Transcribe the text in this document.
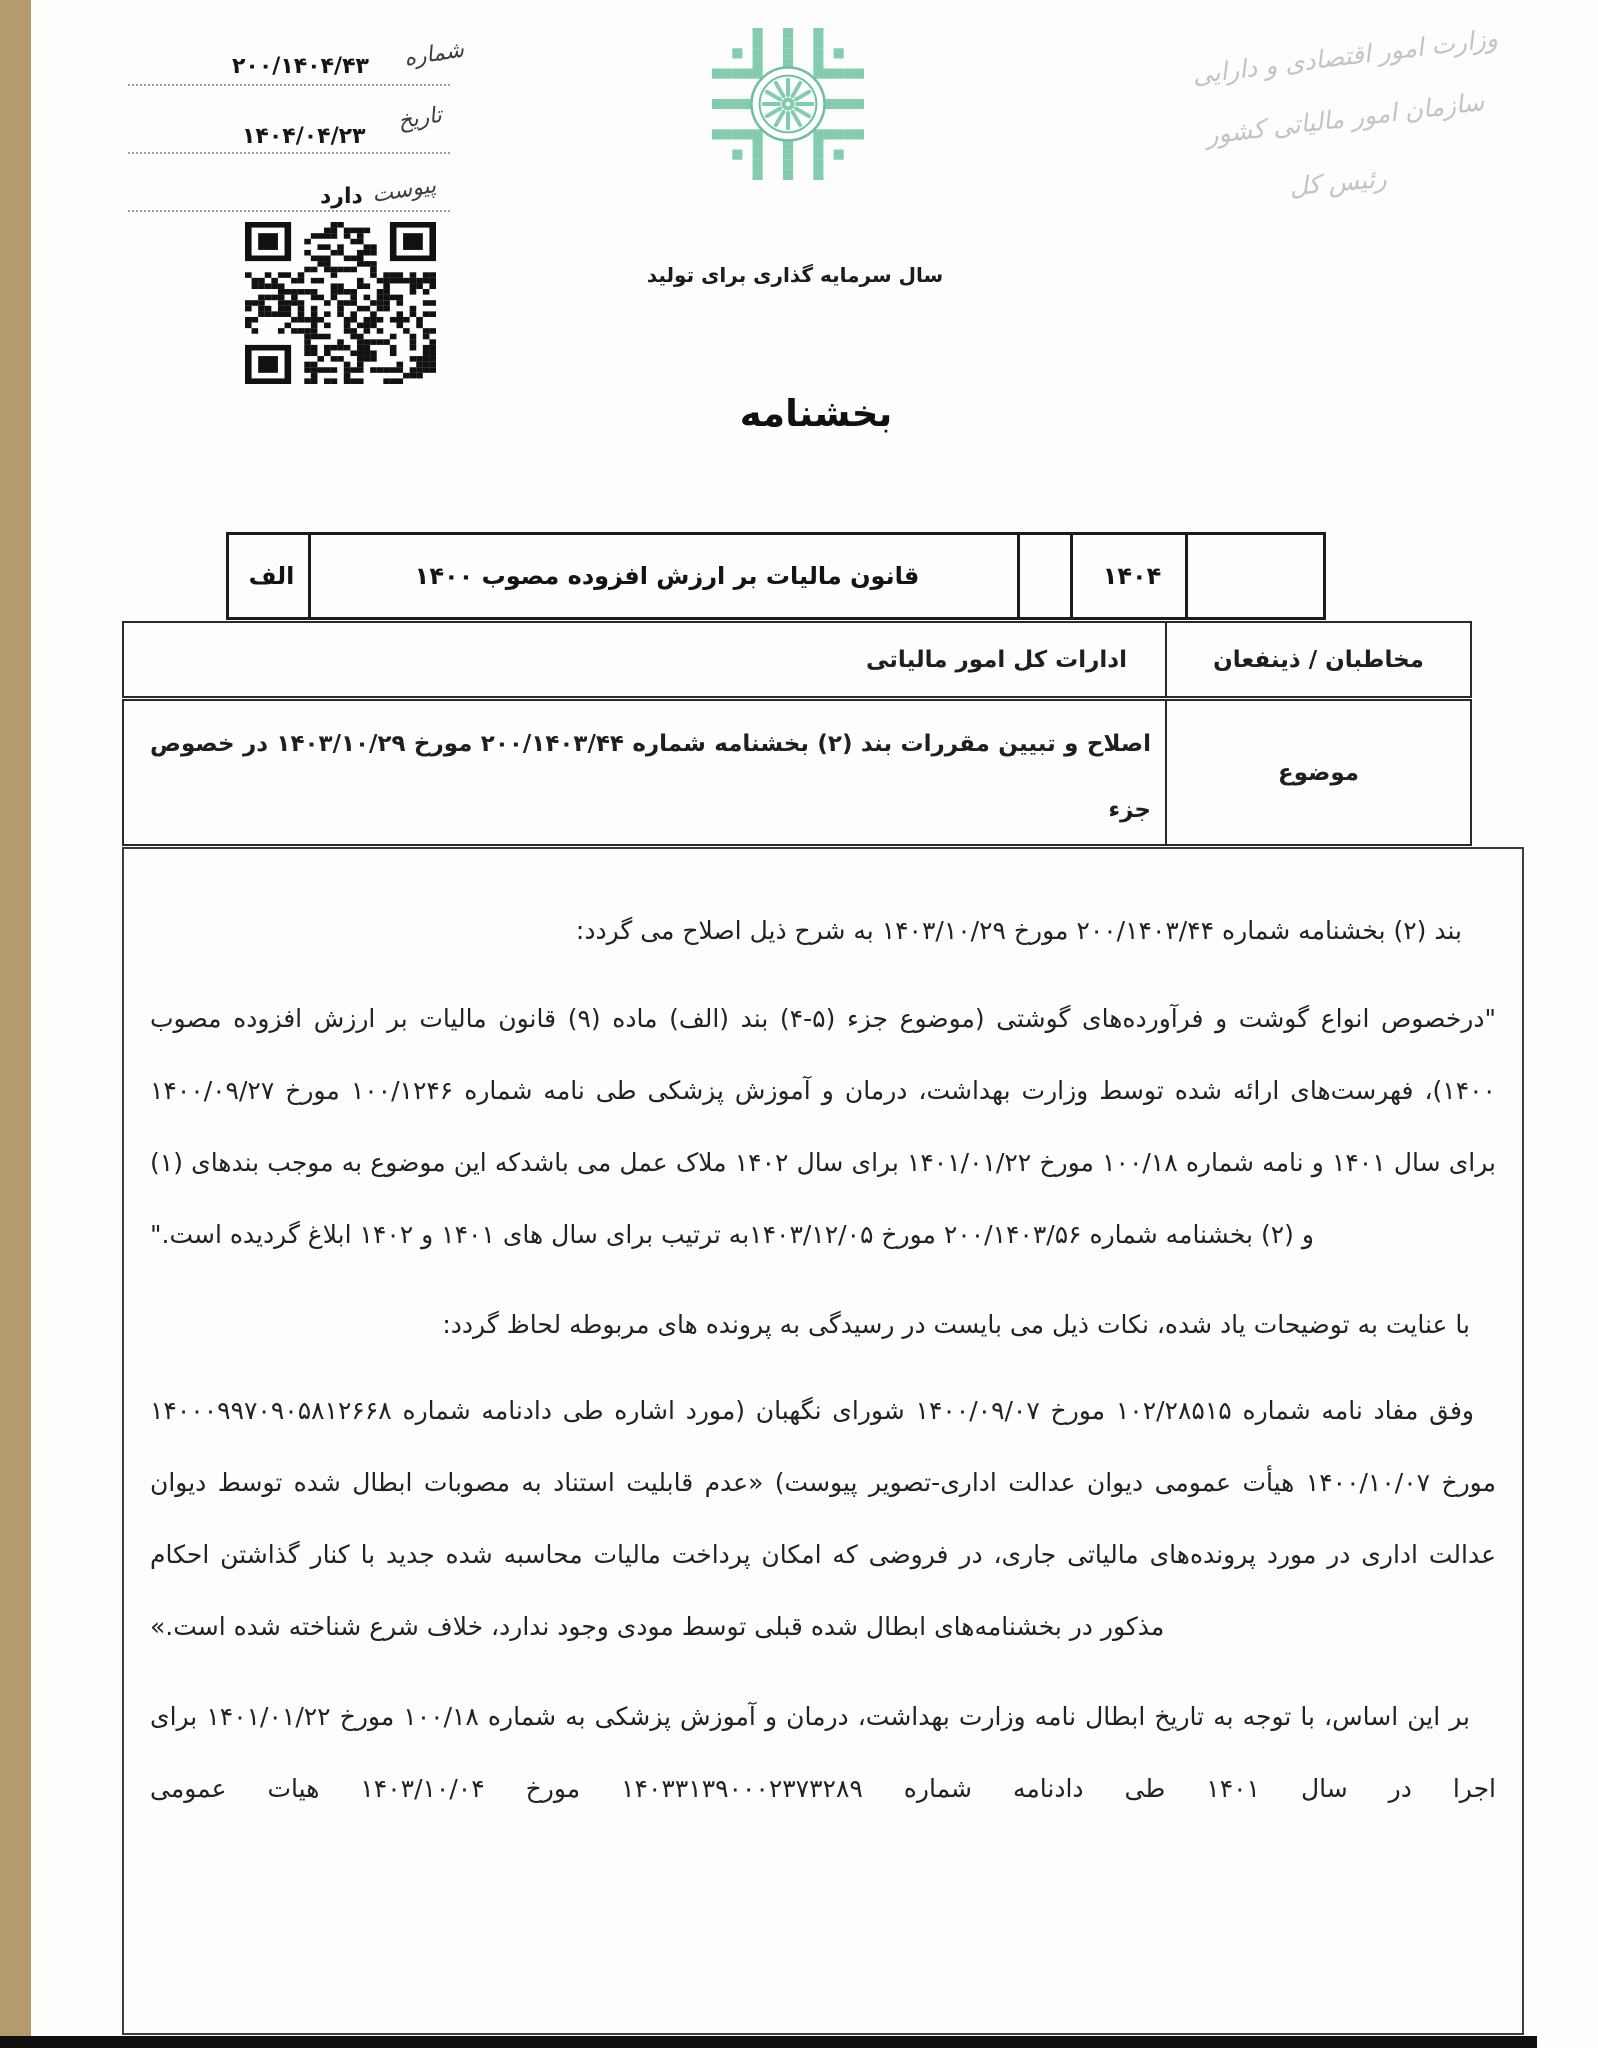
شماره
۲۰۰/۱۴۰۴/۴۳
تاریخ
۱۴۰۴/۰۴/۲۳
پیوست
دارد
سال سرمایه گذاری برای تولید
وزارت امور اقتصادی و دارایی
سازمان امور مالیاتی کشور
رئیس کل
بخشنامه
الف	قانون مالیات بر ارزش افزوده مصوب ۱۴۰۰	۱۴۰۴
مخاطبان / ذینفعان
ادارات کل امور مالیاتی
موضوع
اصلاح و تبیین مقررات بند (۲) بخشنامه شماره ۲۰۰/۱۴۰۳/۴۴ مورخ ۱۴۰۳/۱۰/۲۹ در خصوص جزء

بند (۲) بخشنامه شماره ۲۰۰/۱۴۰۳/۴۴ مورخ ۱۴۰۳/۱۰/۲۹ به شرح ذیل اصلاح می گردد:

"درخصوص انواع گوشت و فرآورده‌های گوشتی (موضوع جزء (۵-۴) بند (الف) ماده (۹) قانون مالیات بر ارزش افزوده مصوب ۱۴۰۰)، فهرست‌های ارائه شده توسط وزارت بهداشت، درمان و آموزش پزشکی طی نامه شماره ۱۰۰/۱۲۴۶ مورخ ۱۴۰۰/۰۹/۲۷ برای سال ۱۴۰۱ و نامه شماره ۱۰۰/۱۸ مورخ ۱۴۰۱/۰۱/۲۲ برای سال ۱۴۰۲ ملاک عمل می باشدکه این موضوع به موجب بندهای (۱) و (۲) بخشنامه شماره ۲۰۰/۱۴۰۳/۵۶ مورخ ۱۴۰۳/۱۲/۰۵به ترتیب برای سال های ۱۴۰۱ و ۱۴۰۲ ابلاغ گردیده است."

با عنایت به توضیحات یاد شده، نکات ذیل می بایست در رسیدگی به پرونده های مربوطه لحاظ گردد:

وفق مفاد نامه شماره ۱۰۲/۲۸۵۱۵ مورخ ۱۴۰۰/۰۹/۰۷ شورای نگهبان (مورد اشاره طی دادنامه شماره ۱۴۰۰۰۹۹۷۰۹۰۵۸۱۲۶۶۸ مورخ ۱۴۰۰/۱۰/۰۷ هیأت عمومی دیوان عدالت اداری-تصویر پیوست) «عدم قابلیت استناد به مصوبات ابطال شده توسط دیوان عدالت اداری در مورد پرونده‌های مالیاتی جاری، در فروضی که امکان پرداخت مالیات محاسبه شده جدید با کنار گذاشتن احکام مذکور در بخشنامه‌های ابطال شده قبلی توسط مودی وجود ندارد، خلاف شرع شناخته شده است.»

بر این اساس، با توجه به تاریخ ابطال نامه وزارت بهداشت، درمان و آموزش پزشکی به شماره ۱۰۰/۱۸ مورخ ۱۴۰۱/۰۱/۲۲ برای اجرا در سال ۱۴۰۱ طی دادنامه شماره ۱۴۰۳۳۱۳۹۰۰۰۲۳۷۳۲۸۹ مورخ ۱۴۰۳/۱۰/۰۴ هیات عمومی
